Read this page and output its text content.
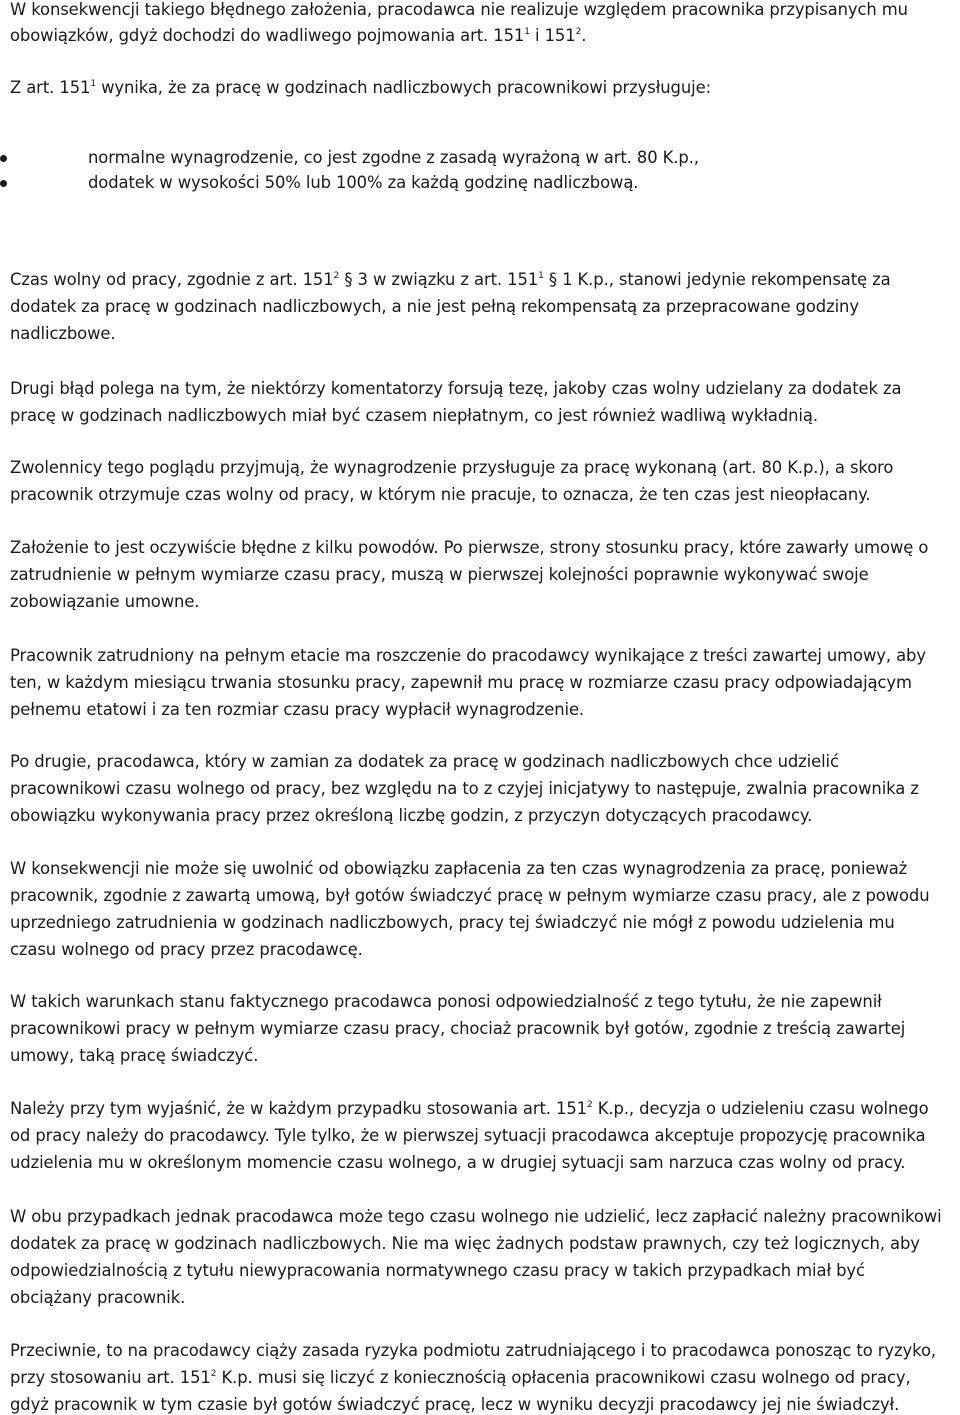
W konsekwencji takiego błędnego założenia, pracodawca nie realizuje względem pracownika przypisanych mu
obowiązków, gdyż dochodzi do wadliwego pojmowania art. $151^1$ i $151^2$.
Z art. $151^1$ wynika, że za pracę w godzinach nadliczbowych pracownikowi przysługuje:
normalne wynagrodzenie, co jest zgodne z zasadą wyrażoną w art. 80 K.p.,
dodatek w wysokości 50% lub 100% za każdą godzinę nadliczbową.
Czas wolny od pracy, zgodnie z art. $151^2$ § 3 w związku z art. $151^1$ § 1 K.p., stanowi jedynie rekompensatę za
dodatek za pracę w godzinach nadliczbowych, a nie jest pełną rekompensatą za przepracowane godziny
nadliczbowe.
Drugi błąd polega na tym, że niektórzy komentatorzy forsują tezę, jakoby czas wolny udzielany za dodatek za
pracę w godzinach nadliczbowych miał być czasem niepłatnym, co jest również wadliwą wykładnią.
Zwolennicy tego poglądu przyjmują, że wynagrodzenie przysługuje za pracę wykonaną (art. 80 K.p.), a skoro
pracownik otrzymuje czas wolny od pracy, w którym nie pracuje, to oznacza, że ten czas jest nieopłacany.
Założenie to jest oczywiście błędne z kilku powodów. Po pierwsze, strony stosunku pracy, które zawarły umowę o
zatrudnienie w pełnym wymiarze czasu pracy, muszą w pierwszej kolejności poprawnie wykonywać swoje
zobowiązanie umowne.
Pracownik zatrudniony na pełnym etacie ma roszczenie do pracodawcy wynikające z treści zawartej umowy, aby
ten, w każdym miesiącu trwania stosunku pracy, zapewnił mu pracę w rozmiarze czasu pracy odpowiadającym
pełnemu etatowi i za ten rozmiar czasu pracy wypłacił wynagrodzenie.
Po drugie, pracodawca, który w zamian za dodatek za pracę w godzinach nadliczbowych chce udzielić
pracownikowi czasu wolnego od pracy, bez względu na to z czyjej inicjatywy to następuje, zwalnia pracownika z
obowiązku wykonywania pracy przez określoną liczbę godzin, z przyczyn dotyczących pracodawcy.
W konsekwencji nie może się uwolnić od obowiązku zapłacenia za ten czas wynagrodzenia za pracę, ponieważ
pracownik, zgodnie z zawartą umową, był gotów świadczyć pracę w pełnym wymiarze czasu pracy, ale z powodu
uprzedniego zatrudnienia w godzinach nadliczbowych, pracy tej świadczyć nie mógł z powodu udzielenia mu
czasu wolnego od pracy przez pracodawcę.
W takich warunkach stanu faktycznego pracodawca ponosi odpowiedzialność z tego tytułu, że nie zapewnił
pracownikowi pracy w pełnym wymiarze czasu pracy, chociaż pracownik był gotów, zgodnie z treścią zawartej
umowy, taką pracę świadczyć.
Należy przy tym wyjaśnić, że w każdym przypadku stosowania art. $151^2$ K.p., decyzja o udzieleniu czasu wolnego
od pracy należy do pracodawcy. Tyle tylko, że w pierwszej sytuacji pracodawca akceptuje propozycję pracownika
udzielenia mu w określonym momencie czasu wolnego, a w drugiej sytuacji sam narzuca czas wolny od pracy.
W obu przypadkach jednak pracodawca może tego czasu wolnego nie udzielić, lecz zapłacić należny pracownikowi
dodatek za pracę w godzinach nadliczbowych. Nie ma więc żadnych podstaw prawnych, czy też logicznych, aby
odpowiedzialnością z tytułu niewypracowania normatywnego czasu pracy w takich przypadkach miał być
obciążany pracownik.
Przeciwnie, to na pracodawcy ciąży zasada ryzyka podmiotu zatrudniającego i to pracodawca ponosząc to ryzyko,
przy stosowaniu art. $151^2$ K.p. musi się liczyć z koniecznością opłacenia pracownikowi czasu wolnego od pracy,
gdyż pracownik w tym czasie był gotów świadczyć pracę, lecz w wyniku decyzji pracodawcy jej nie świadczył.
